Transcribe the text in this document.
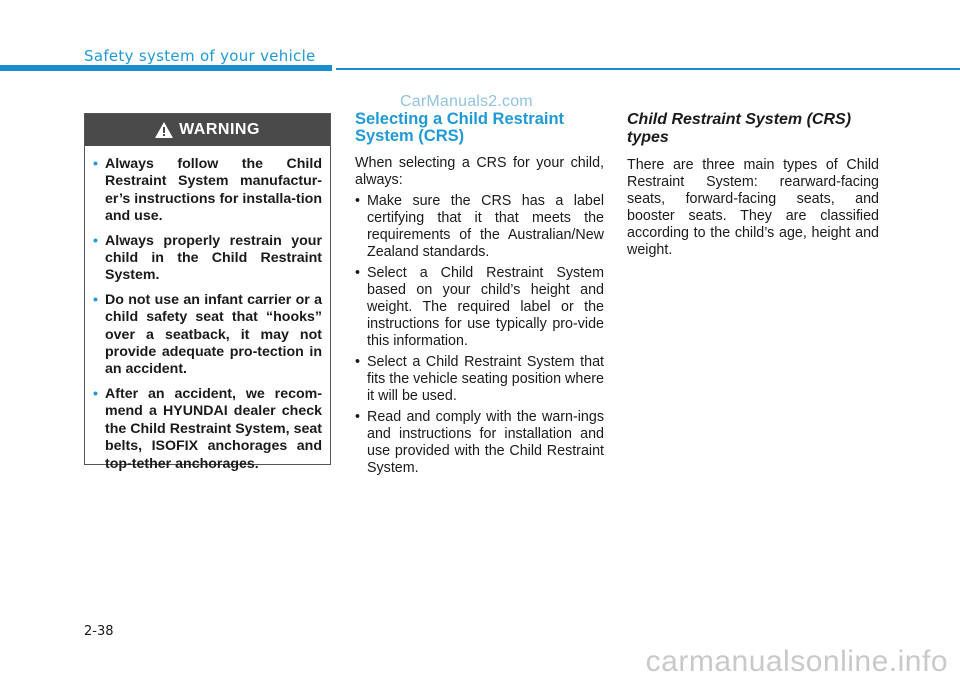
Safety system of your vehicle
CarManuals2.com
WARNING
• Always follow the Child Restraint System manufactur-er’s instructions for installa-tion and use.
• Always properly restrain your child in the Child Restraint System.
• Do not use an infant carrier or a child safety seat that “hooks” over a seatback, it may not provide adequate pro-tection in an accident.
• After an accident, we recom-mend a HYUNDAI dealer check the Child Restraint System, seat belts, ISOFIX anchorages and top-tether anchorages.
Selecting a Child Restraint System (CRS)

When selecting a CRS for your child, always:

• Make sure the CRS has a label certifying that it that meets the requirements of the Australian/New Zealand standards.
• Select a Child Restraint System based on your child’s height and weight. The required label or the instructions for use typically pro-vide this information.
• Select a Child Restraint System that fits the vehicle seating position where it will be used.
• Read and comply with the warn-ings and instructions for installation and use provided with the Child Restraint System.
Child Restraint System (CRS) types

There are three main types of Child Restraint System: rearward-facing seats, forward-facing seats, and booster seats. They are classified according to the child’s age, height and weight.

2-38
carmanualsonline.info
